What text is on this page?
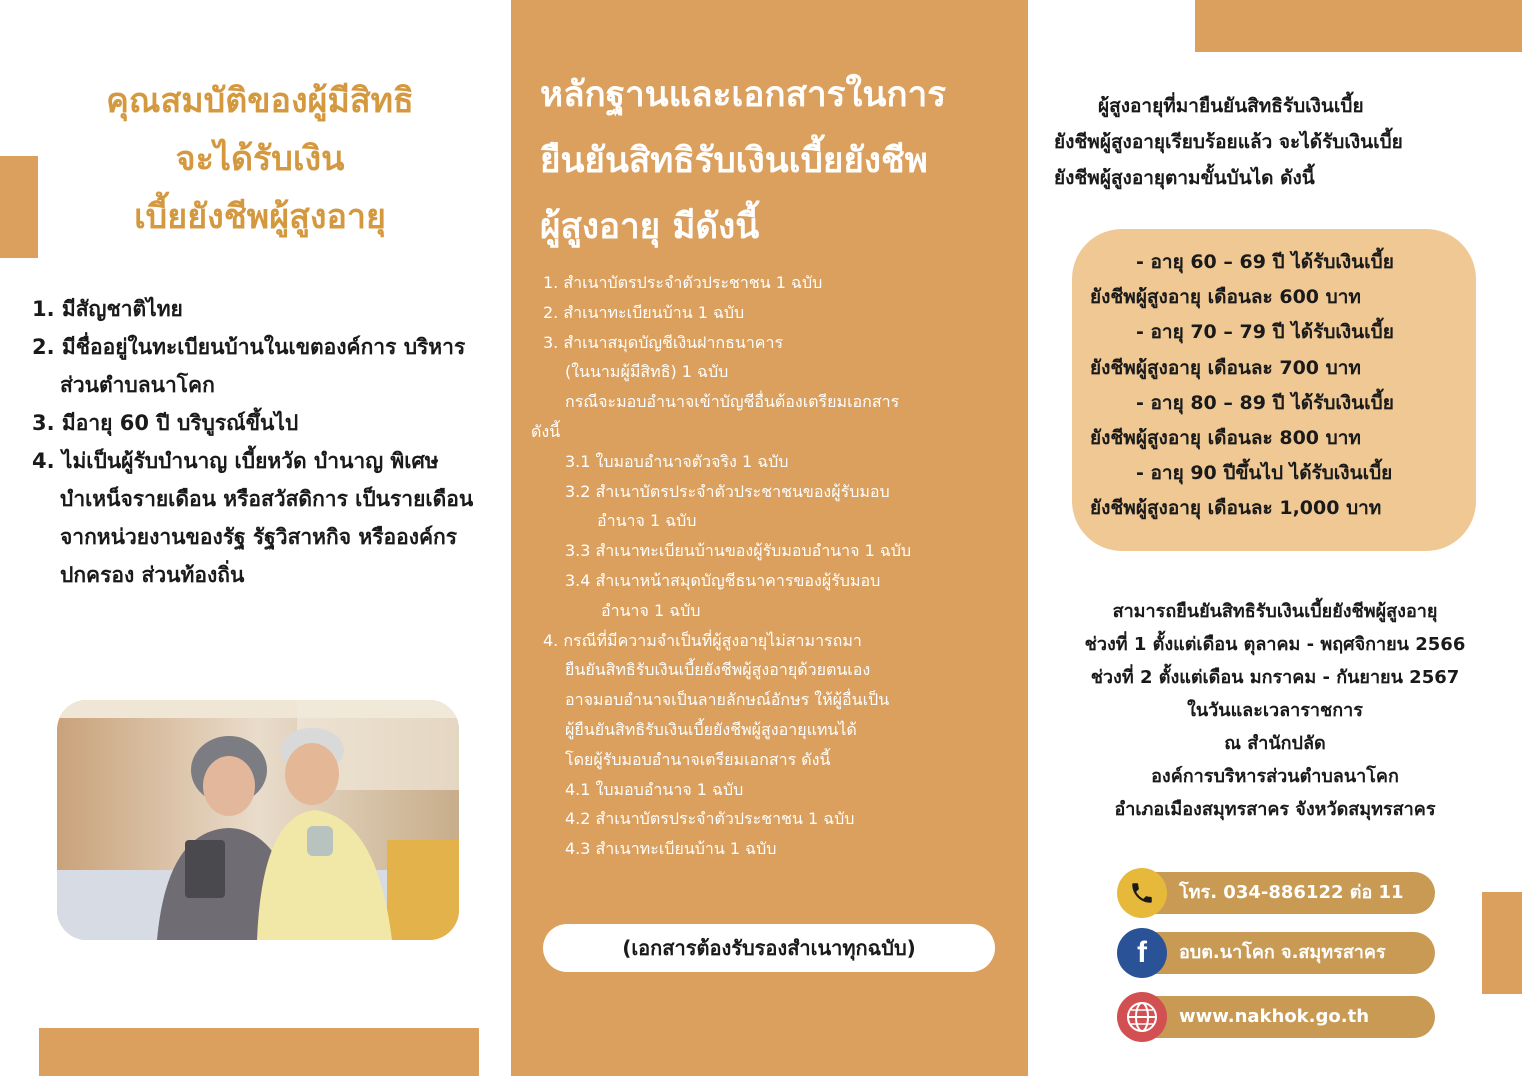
คุณสมบัติของผู้มีสิทธิ
จะได้รับเงิน
เบี้ยยังชีพผู้สูงอายุ
1. มีสัญชาติไทย
2. มีชื่ออยู่ในทะเบียนบ้านในเขตองค์การ บริหารส่วนตำบลนาโคก
3. มีอายุ 60 ปี บริบูรณ์ขึ้นไป
4. ไม่เป็นผู้รับบำนาญ เบี้ยหวัด บำนาญ พิเศษ บำเหน็จรายเดือน หรือสวัสดิการ เป็นรายเดือนจากหน่วยงานของรัฐ รัฐวิสาหกิจ หรือองค์กรปกครอง ส่วนท้องถิ่น
หลักฐานและเอกสารในการ
ยืนยันสิทธิรับเงินเบี้ยยังชีพ
ผู้สูงอายุ มีดังนี้
1. สำเนาบัตรประจำตัวประชาชน 1 ฉบับ
2. สำเนาทะเบียนบ้าน 1 ฉบับ
3. สำเนาสมุดบัญชีเงินฝากธนาคาร
(ในนามผู้มีสิทธิ) 1 ฉบับ
กรณีจะมอบอำนาจเข้าบัญชีอื่นต้องเตรียมเอกสาร
ดังนี้
3.1 ใบมอบอำนาจตัวจริง 1 ฉบับ
3.2 สำเนาบัตรประจำตัวประชาชนของผู้รับมอบ
อำนาจ 1 ฉบับ
3.3 สำเนาทะเบียนบ้านของผู้รับมอบอำนาจ 1 ฉบับ
3.4 สำเนาหน้าสมุดบัญชีธนาคารของผู้รับมอบ
อำนาจ 1 ฉบับ
4. กรณีที่มีความจำเป็นที่ผู้สูงอายุไม่สามารถมา
ยืนยันสิทธิรับเงินเบี้ยยังชีพผู้สูงอายุด้วยตนเอง
อาจมอบอำนาจเป็นลายลักษณ์อักษร ให้ผู้อื่นเป็น
ผู้ยืนยันสิทธิรับเงินเบี้ยยังชีพผู้สูงอายุแทนได้
โดยผู้รับมอบอำนาจเตรียมเอกสาร ดังนี้
4.1 ใบมอบอำนาจ 1 ฉบับ
4.2 สำเนาบัตรประจำตัวประชาชน 1 ฉบับ
4.3 สำเนาทะเบียนบ้าน 1 ฉบับ
(เอกสารต้องรับรองสำเนาทุกฉบับ)
ผู้สูงอายุที่มายืนยันสิทธิรับเงินเบี้ย
ยังชีพผู้สูงอายุเรียบร้อยแล้ว จะได้รับเงินเบี้ย
ยังชีพผู้สูงอายุตามขั้นบันได ดังนี้
- อายุ 60 – 69 ปี ได้รับเงินเบี้ย
ยังชีพผู้สูงอายุ เดือนละ 600 บาท
- อายุ 70 – 79 ปี ได้รับเงินเบี้ย
ยังชีพผู้สูงอายุ เดือนละ 700 บาท
- อายุ 80 – 89 ปี ได้รับเงินเบี้ย
ยังชีพผู้สูงอายุ เดือนละ 800 บาท
- อายุ 90 ปีขึ้นไป ได้รับเงินเบี้ย
ยังชีพผู้สูงอายุ เดือนละ 1,000 บาท
สามารถยืนยันสิทธิรับเงินเบี้ยยังชีพผู้สูงอายุ
ช่วงที่ 1 ตั้งแต่เดือน ตุลาคม - พฤศจิกายน 2566
ช่วงที่ 2 ตั้งแต่เดือน มกราคม - กันยายน 2567
ในวันและเวลาราชการ
ณ สำนักปลัด
องค์การบริหารส่วนตำบลนาโคก
อำเภอเมืองสมุทรสาคร จังหวัดสมุทรสาคร
โทร. 034-886122 ต่อ 11
อบต.นาโคก จ.สมุทรสาคร
f
www.nakhok.go.th
